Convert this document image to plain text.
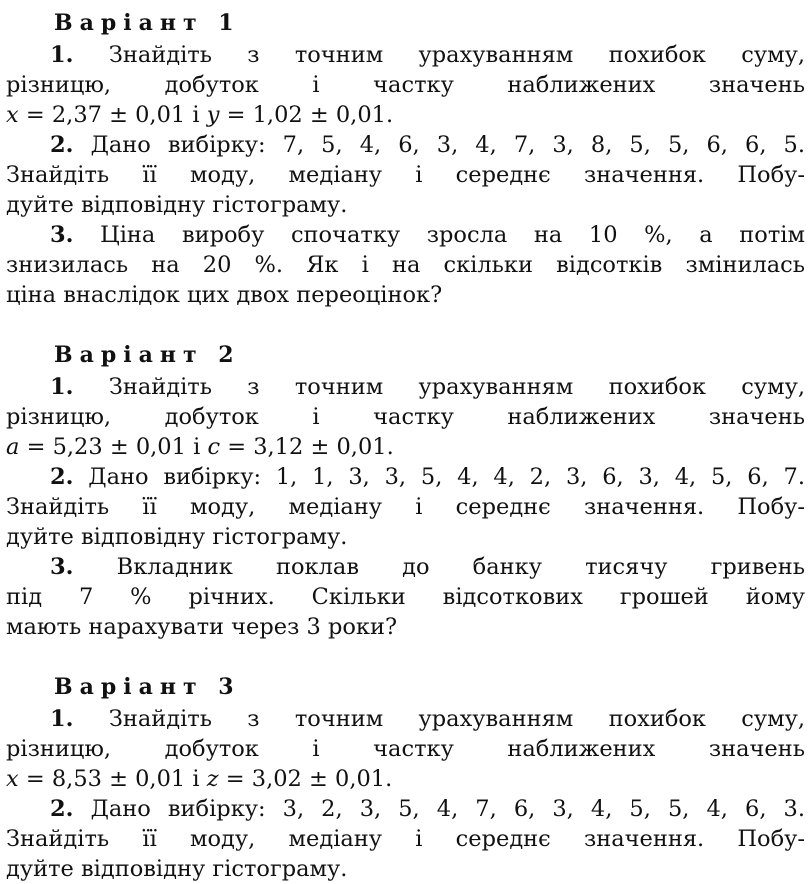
Варіант 1
1. Знайдіть з точним урахуванням похибок суму,
різницю, добуток і частку наближених значень
x = 2,37 ± 0,01 і y = 1,02 ± 0,01.
2. Дано вибірку: 7, 5, 4, 6, 3, 4, 7, 3, 8, 5, 5, 6, 6, 5.
Знайдіть її моду, медіану і середнє значення. Побу-
дуйте відповідну гістограму.
3. Ціна виробу спочатку зросла на 10 %, а потім
знизилась на 20 %. Як і на скільки відсотків змінилась
ціна внаслідок цих двох переоцінок?
Варіант 2
1. Знайдіть з точним урахуванням похибок суму,
різницю, добуток і частку наближених значень
a = 5,23 ± 0,01 і c = 3,12 ± 0,01.
2. Дано вибірку: 1, 1, 3, 3, 5, 4, 4, 2, 3, 6, 3, 4, 5, 6, 7.
Знайдіть її моду, медіану і середнє значення. Побу-
дуйте відповідну гістограму.
3. Вкладник поклав до банку тисячу гривень
під 7 % річних. Скільки відсоткових грошей йому
мають нарахувати через 3 роки?
Варіант 3
1. Знайдіть з точним урахуванням похибок суму,
різницю, добуток і частку наближених значень
x = 8,53 ± 0,01 і z = 3,02 ± 0,01.
2. Дано вибірку: 3, 2, 3, 5, 4, 7, 6, 3, 4, 5, 5, 4, 6, 3.
Знайдіть її моду, медіану і середнє значення. Побу-
дуйте відповідну гістограму.
